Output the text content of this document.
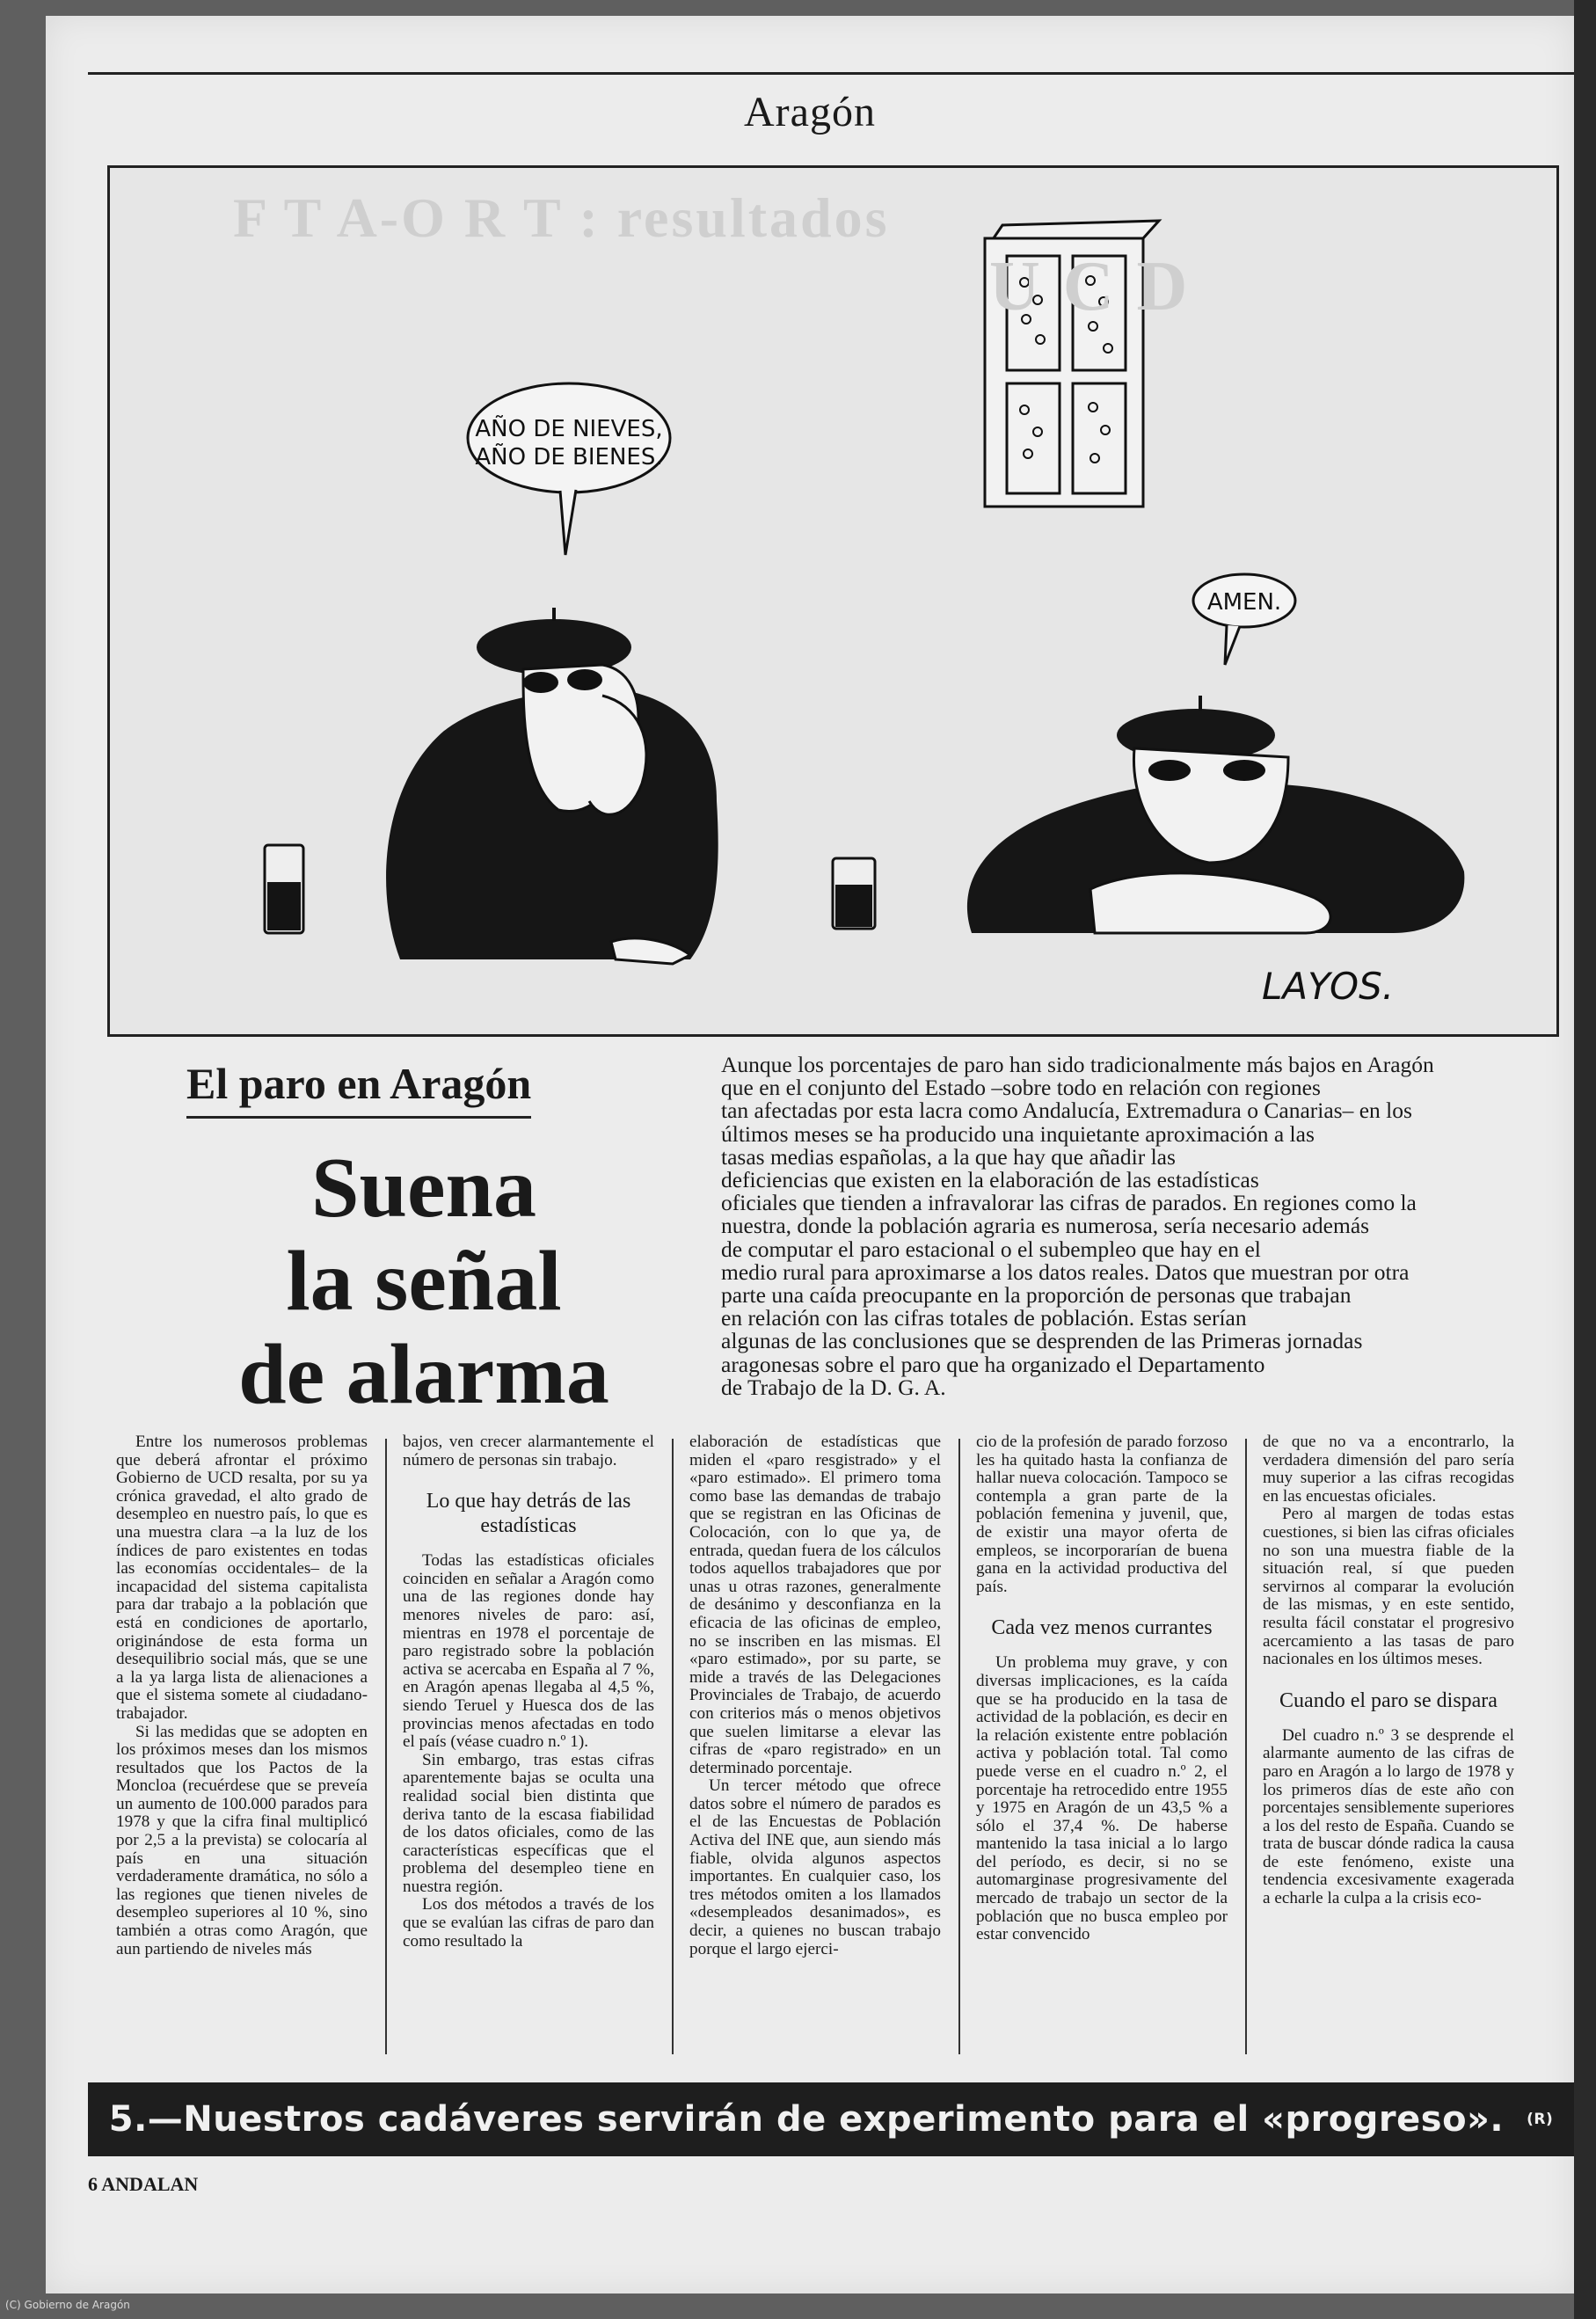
Aragón
F T A-O R T : resultados
U C D
AÑO DE NIEVES,
AÑO DE BIENES.
AMEN.
LAYOS.
El paro en Aragón
Suena
la señal
de alarma
Aunque los porcentajes de paro han sido tradicionalmente más bajos en Aragón
que en el conjunto del Estado –sobre todo en relación con regiones
tan afectadas por esta lacra como Andalucía, Extremadura o Canarias– en los
últimos meses se ha producido una inquietante aproximación a las
tasas medias españolas, a la que hay que añadir las
deficiencias que existen en la elaboración de las estadísticas
oficiales que tienden a infravalorar las cifras de parados. En regiones como la
nuestra, donde la población agraria es numerosa, sería necesario además
de computar el paro estacional o el subempleo que hay en el
medio rural para aproximarse a los datos reales. Datos que muestran por otra
parte una caída preocupante en la proporción de personas que trabajan
en relación con las cifras totales de población. Estas serían
algunas de las conclusiones que se desprenden de las Primeras jornadas
aragonesas sobre el paro que ha organizado el Departamento
de Trabajo de la D. G. A.

Entre los numerosos problemas que deberá afrontar el próximo Gobierno de UCD resalta, por su ya crónica gravedad, el alto grado de desempleo en nuestro país, lo que es una muestra clara –a la luz de los índices de paro existentes en todas las economías occidentales– de la incapacidad del sistema capitalista para dar trabajo a la población que está en condiciones de aportarlo, originándose de esta forma un desequilibrio social más, que se une a la ya larga lista de alienaciones a que el sistema somete al ciudadano-trabajador.

Si las medidas que se adopten en los próximos meses dan los mismos resultados que los Pactos de la Moncloa (recuérdese que se preveía un aumento de 100.000 parados para 1978 y que la cifra final multiplicó por 2,5 a la prevista) se colocaría al país en una situación verdaderamente dramática, no sólo a las regiones que tienen niveles de desempleo superiores al 10 %, sino también a otras como Aragón, que aun partiendo de niveles más

bajos, ven crecer alarmantemente el número de personas sin trabajo.

Lo que hay detrás de las estadísticas

Todas las estadísticas oficiales coinciden en señalar a Aragón como una de las regiones donde hay menores niveles de paro: así, mientras en 1978 el porcentaje de paro registrado sobre la población activa se acercaba en España al 7 %, en Aragón apenas llegaba al 4,5 %, siendo Teruel y Huesca dos de las provincias menos afectadas en todo el país (véase cuadro n.º 1).

Sin embargo, tras estas cifras aparentemente bajas se oculta una realidad social bien distinta que deriva tanto de la escasa fiabilidad de los datos oficiales, como de las características específicas que el problema del desempleo tiene en nuestra región.

Los dos métodos a través de los que se evalúan las cifras de paro dan como resultado la

elaboración de estadísticas que miden el «paro resgistrado» y el «paro estimado». El primero toma como base las demandas de trabajo que se registran en las Oficinas de Colocación, con lo que ya, de entrada, quedan fuera de los cálculos todos aquellos trabajadores que por unas u otras razones, generalmente de desánimo y desconfianza en la eficacia de las oficinas de empleo, no se inscriben en las mismas. El «paro estimado», por su parte, se mide a través de las Delegaciones Provinciales de Trabajo, de acuerdo con criterios más o menos objetivos que suelen limitarse a elevar las cifras de «paro registrado» en un determinado porcentaje.

Un tercer método que ofrece datos sobre el número de parados es el de las Encuestas de Población Activa del INE que, aun siendo más fiable, olvida algunos aspectos importantes. En cualquier caso, los tres métodos omiten a los llamados «desempleados desanimados», es decir, a quienes no buscan trabajo porque el largo ejerci-

cio de la profesión de parado forzoso les ha quitado hasta la confianza de hallar nueva colocación. Tampoco se contempla a gran parte de la población femenina y juvenil, que, de existir una mayor oferta de empleos, se incorporarían de buena gana en la actividad productiva del país.

Cada vez menos currantes

Un problema muy grave, y con diversas implicaciones, es la caída que se ha producido en la tasa de actividad de la población, es decir en la relación existente entre población activa y población total. Tal como puede verse en el cuadro n.º 2, el porcentaje ha retrocedido entre 1955 y 1975 en Aragón de un 43,5 % a sólo el 37,4 %. De haberse mantenido la tasa inicial a lo largo del período, es decir, si no se automarginase progresivamente del mercado de trabajo un sector de la población que no busca empleo por estar convencido

de que no va a encontrarlo, la verdadera dimensión del paro sería muy superior a las cifras recogidas en las encuestas oficiales.

Pero al margen de todas estas cuestiones, si bien las cifras oficiales no son una muestra fiable de la situación real, sí que pueden servirnos al comparar la evolución de las mismas, y en este sentido, resulta fácil constatar el progresivo acercamiento a las tasas de paro nacionales en los últimos meses.

Cuando el paro se dispara

Del cuadro n.º 3 se desprende el alarmante aumento de las cifras de paro en Aragón a lo largo de 1978 y los primeros días de este año con porcentajes sensiblemente superiores a los del resto de España. Cuando se trata de buscar dónde radica la causa de este fenómeno, existe una tendencia excesivamente exagerada a echarle la culpa a la crisis eco-

5.—Nuestros cadáveres servirán de experimento para el «progreso». (R)
6 ANDALAN
(C) Gobierno de Aragón
